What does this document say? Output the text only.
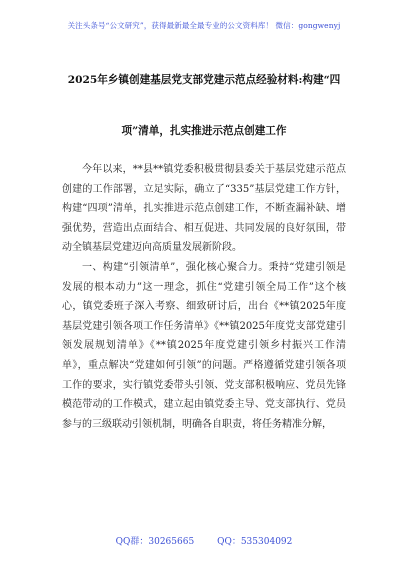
关注头条号“公文研究”，获得最新最全最专业的公文资料库！ 微信：gongwenyj
2025年乡镇创建基层党支部党建示范点经验材料:构建“四
项”清单，扎实推进示范点创建工作

今年以来，**县**镇党委积极贯彻县委关于基层党建示范点创建的工作部署，立足实际，确立了“335”基层党建工作方针，构建“四项”清单，扎实推进示范点创建工作，不断查漏补缺、增强优势，营造出点面结合、相互促进、共同发展的良好氛围，带动全镇基层党建迈向高质量发展新阶段。

一、构建“引领清单”，强化核心聚合力。秉持“党建引领是发展的根本动力”这一理念，抓住“党建引领全局工作”这个核心，镇党委班子深入考察、细致研讨后，出台《**镇2025年度基层党建引领各项工作任务清单》《**镇2025年度党支部党建引领发展规划清单》《**镇2025年度党建引领乡村振兴工作清单》，重点解决“党建如何引领”的问题。严格遵循党建引领各项工作的要求，实行镇党委带头引领、党支部积极响应、党员先锋模范带动的工作模式，建立起由镇党委主导、党支部执行、党员参与的三级联动引领机制，明确各自职责，将任务精准分解，

QQ群：30265665	QQ：535304092
